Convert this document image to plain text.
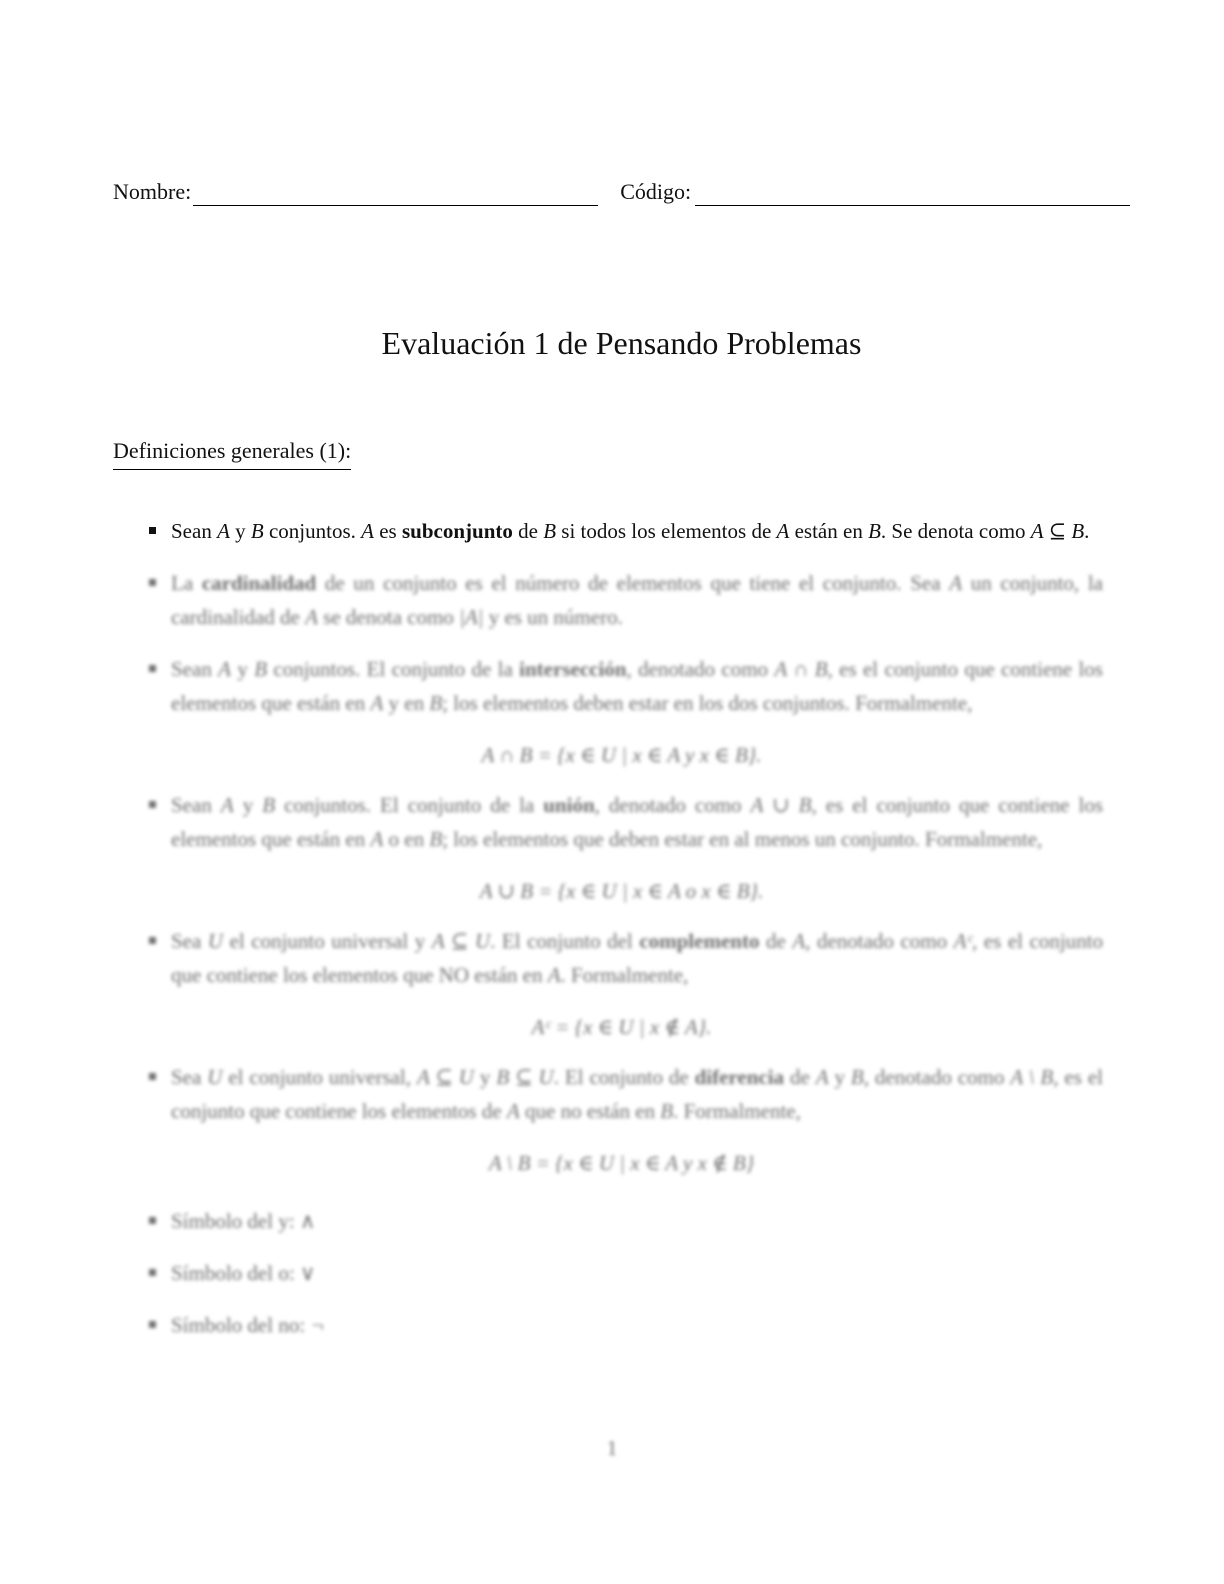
Nombre:	Código:
Evaluación 1 de Pensando Problemas
Definiciones generales (1):
Sean A y B conjuntos. A es subconjunto de B si todos los elementos de A están en B. Se denota como A ⊆ B.
La cardinalidad de un conjunto es el número de elementos que tiene el conjunto. Sea A un conjunto, la cardinalidad de A se denota como |A| y es un número.
Sean A y B conjuntos. El conjunto de la intersección, denotado como A ∩ B, es el conjunto que contiene los elementos que están en A y en B; los elementos deben estar en los dos conjuntos. Formalmente,
A ∩ B = {x ∈ U | x ∈ A y x ∈ B}.
Sean A y B conjuntos. El conjunto de la unión, denotado como A ∪ B, es el conjunto que contiene los elementos que están en A o en B; los elementos que deben estar en al menos un conjunto. Formalmente,
A ∪ B = {x ∈ U | x ∈ A o x ∈ B}.
Sea U el conjunto universal y A ⊆ U. El conjunto del complemento de A, denotado como Aᶜ, es el conjunto que contiene los elementos que NO están en A. Formalmente,
Aᶜ = {x ∈ U | x ∉ A}.
Sea U el conjunto universal, A ⊆ U y B ⊆ U. El conjunto de diferencia de A y B, denotado como A \ B, es el conjunto que contiene los elementos de A que no están en B. Formalmente,
A \ B = {x ∈ U | x ∈ A y x ∉ B}
Símbolo del y: ∧
Símbolo del o: ∨
Símbolo del no: ¬
1
